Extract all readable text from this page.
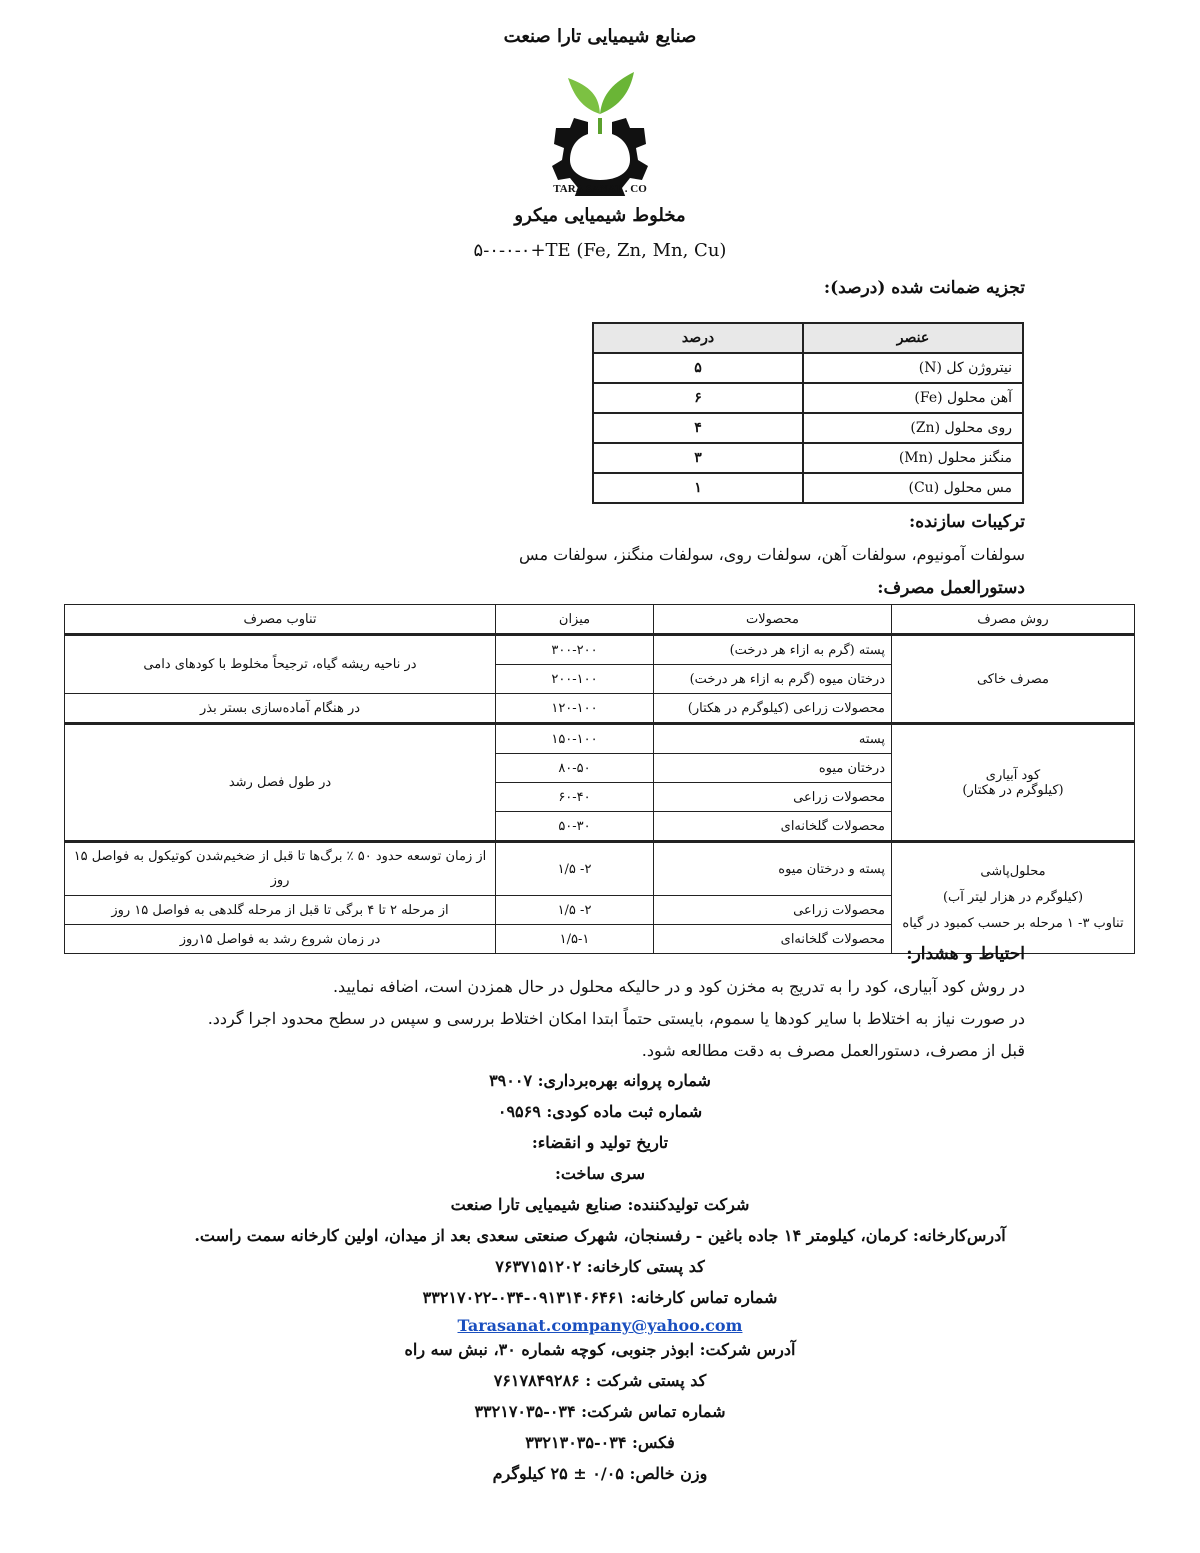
صنایع شیمیایی تارا صنعت
TARA SANAT . CO
مخلوط شیمیایی میکرو
۵-۰-۰-۰+TE (Fe, Zn, Mn, Cu)
تجزیه ضمانت شده (درصد):
عنصر	درصد
نیتروژن کل (N)	۵
آهن محلول (Fe)	۶
روی محلول (Zn)	۴
منگنز محلول (Mn)	۳
مس محلول (Cu)	۱
ترکیبات سازنده:
سولفات آمونیوم، سولفات آهن، سولفات روی، سولفات منگنز، سولفات مس
دستورالعمل مصرف:
روش مصرف	محصولات	میزان	تناوب مصرف
مصرف خاکی	پسته (گرم به ازاء هر درخت)	۳۰۰-۲۰۰	در ناحیه ریشه گیاه، ترجیحاً مخلوط با کودهای دامی
	درختان میوه (گرم به ازاء هر درخت)	۲۰۰-۱۰۰	
	محصولات زراعی (کیلوگرم در هکتار)	۱۲۰-۱۰۰	در هنگام آماده‌سازی بستر بذر

کود آبیاری
(کیلوگرم در هکتار)	پسته	۱۵۰-۱۰۰	در طول فصل رشد
	درختان میوه	۸۰-۵۰	
	محصولات زراعی	۶۰-۴۰	
	محصولات گلخانه‌ای	۵۰-۳۰	

محلول‌پاشی
(کیلوگرم در هزار لیتر آب)
تناوب ۳- ۱ مرحله بر حسب کمبود در گیاه	پسته و درختان میوه	۲- ۱/۵	از زمان توسعه حدود ۵۰ ٪ برگ‌ها تا قبل از ضخیم‌شدن کوتیکول به فواصل ۱۵ روز
	محصولات زراعی	۲- ۱/۵	از مرحله ۲ تا ۴ برگی تا قبل از مرحله گلدهی به فواصل ۱۵ روز
	محصولات گلخانه‌ای	۱/۵-۱	در زمان شروع رشد به فواصل ۱۵روز
احتیاط و هشدار:
در روش کود آبیاری، کود را به تدریج به مخزن کود و در حالیکه محلول در حال همزدن است، اضافه نمایید.
در صورت نیاز به اختلاط با سایر کودها یا سموم، بایستی حتماً ابتدا امکان اختلاط بررسی و سپس در سطح محدود اجرا گردد.
قبل از مصرف، دستورالعمل مصرف به دقت مطالعه شود.
شماره پروانه بهره‌برداری: ۳۹۰۰۷
شماره ثبت ماده کودی: ۰۹۵۶۹
تاریخ تولید و انقضاء:
سری ساخت:
شرکت تولیدکننده: صنایع شیمیایی تارا صنعت
آدرس‌کارخانه: کرمان، کیلومتر ۱۴ جاده باغین - رفسنجان، شهرک صنعتی سعدی بعد از میدان، اولین کارخانه سمت راست.
کد پستی کارخانه: ۷۶۳۷۱۵۱۲۰۲
شماره تماس کارخانه: ۰۹۱۳۱۴۰۶۴۶۱-۰۳۴-۳۳۲۱۷۰۲۲
Tarasanat.company@yahoo.com
آدرس شرکت: ابوذر جنوبی، کوچه شماره ۳۰، نبش سه راه
کد پستی شرکت : ۷۶۱۷۸۴۹۲۸۶
شماره تماس شرکت: ۰۳۴-۳۳۲۱۷۰۳۵
فکس: ۰۳۴-۳۳۲۱۳۰۳۵
وزن خالص: ۰/۰۵ ± ۲۵ کیلوگرم
